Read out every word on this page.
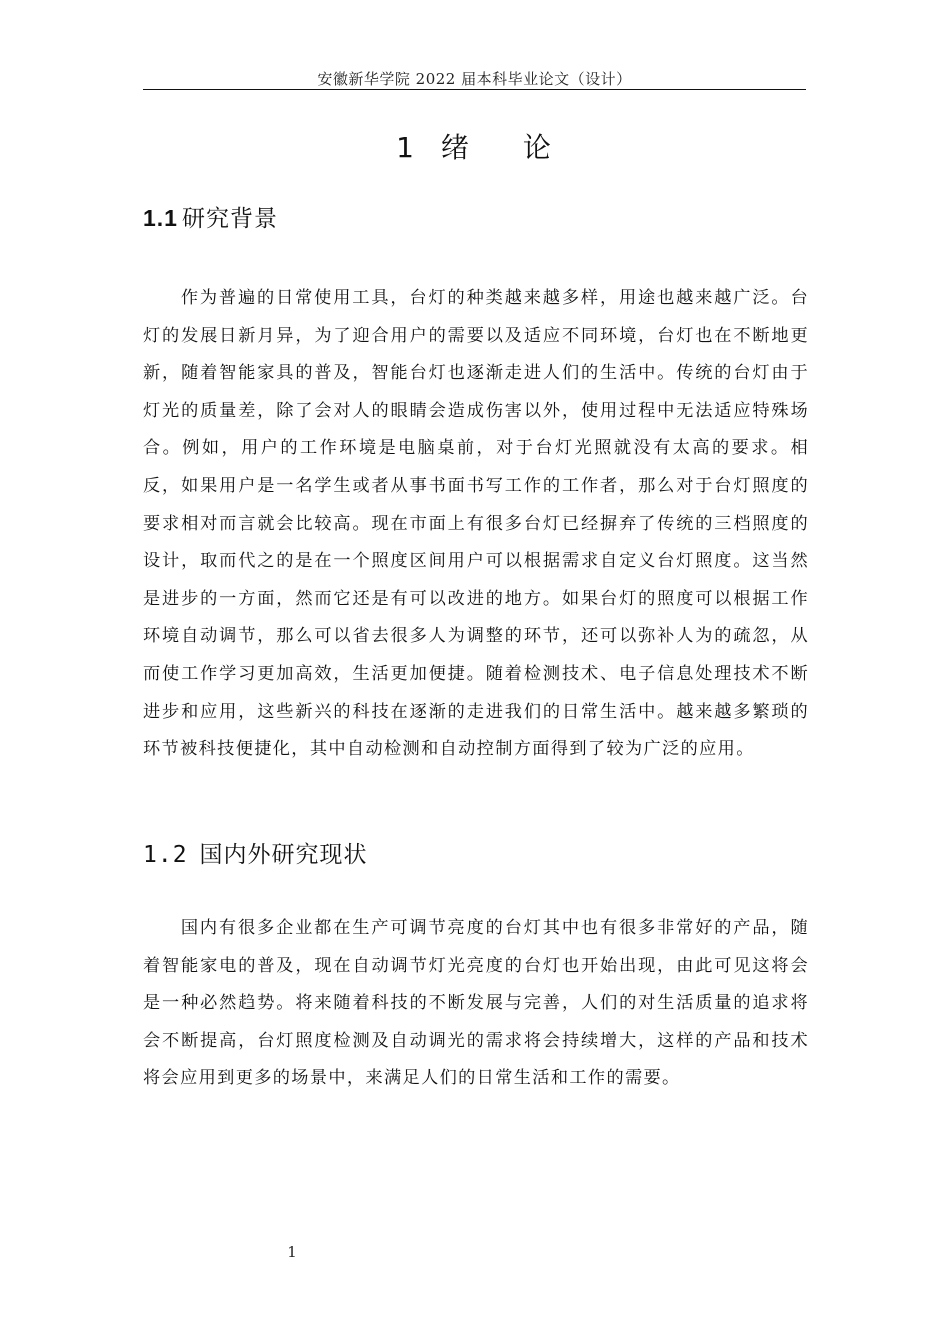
安徽新华学院 2022 届本科毕业论文（设计）
1 绪 论
1.1 研究背景

作为普遍的日常使用工具，台灯的种类越来越多样，用途也越来越广泛。台灯的发展日新月异，为了迎合用户的需要以及适应不同环境，台灯也在不断地更新，随着智能家具的普及，智能台灯也逐渐走进人们的生活中。传统的台灯由于灯光的质量差，除了会对人的眼睛会造成伤害以外，使用过程中无法适应特殊场合。例如，用户的工作环境是电脑桌前，对于台灯光照就没有太高的要求。相反，如果用户是一名学生或者从事书面书写工作的工作者，那么对于台灯照度的要求相对而言就会比较高。现在市面上有很多台灯已经摒弃了传统的三档照度的设计，取而代之的是在一个照度区间用户可以根据需求自定义台灯照度。这当然是进步的一方面，然而它还是有可以改进的地方。如果台灯的照度可以根据工作环境自动调节，那么可以省去很多人为调整的环节，还可以弥补人为的疏忽，从而使工作学习更加高效，生活更加便捷。随着检测技术、电子信息处理技术不断进步和应用，这些新兴的科技在逐渐的走进我们的日常生活中。越来越多繁琐的环节被科技便捷化，其中自动检测和自动控制方面得到了较为广泛的应用。

1.2 国内外研究现状

国内有很多企业都在生产可调节亮度的台灯其中也有很多非常好的产品，随着智能家电的普及，现在自动调节灯光亮度的台灯也开始出现，由此可见这将会是一种必然趋势。将来随着科技的不断发展与完善，人们的对生活质量的追求将会不断提高，台灯照度检测及自动调光的需求将会持续增大，这样的产品和技术将会应用到更多的场景中，来满足人们的日常生活和工作的需要。

1
